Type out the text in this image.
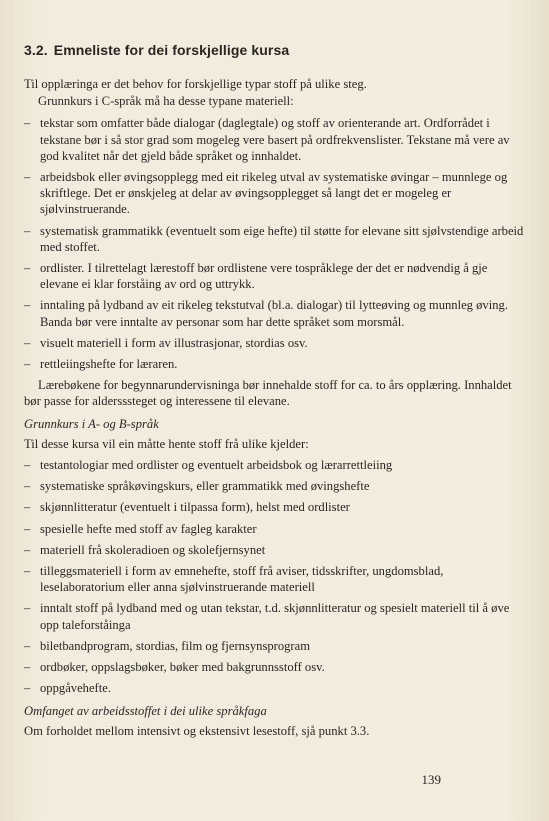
3.2. Emneliste for dei forskjellige kursa

Til opplæringa er det behov for forskjellige typar stoff på ulike steg.

Grunnkurs i C-språk må ha desse typane materiell:

– tekstar som omfatter både dialogar (daglegtale) og stoff av orienterande art. Ordforrådet i tekstane bør i så stor grad som mogeleg vere basert på ordfrekvenslister. Tekstane må vere av god kvalitet når det gjeld både språket og innhaldet.
– arbeidsbok eller øvingsopplegg med eit rikeleg utval av systematiske øvingar – munnlege og skriftlege. Det er ønskjeleg at delar av øvingsopplegget så langt det er mogeleg er sjølvinstruerande.
– systematisk grammatikk (eventuelt som eige hefte) til støtte for elevane sitt sjølvstendige arbeid med stoffet.
– ordlister. I tilrettelagt lærestoff bør ordlistene vere tospråklege der det er nødvendig å gje elevane ei klar forståing av ord og uttrykk.
– inntaling på lydband av eit rikeleg tekstutval (bl.a. dialogar) til lytteøving og munnleg øving. Banda bør vere inntalte av personar som har dette språket som morsmål.
– visuelt materiell i form av illustrasjonar, stordias osv.
– rettleiingshefte for læraren.

Lærebøkene for begynnarundervisninga bør innehalde stoff for ca. to års opplæring. Innhaldet bør passe for aldersssteget og interessene til elevane.

Grunnkurs i A- og B-språk

Til desse kursa vil ein måtte hente stoff frå ulike kjelder:

– testantologiar med ordlister og eventuelt arbeidsbok og lærarrettleiing
– systematiske språkøvingskurs, eller grammatikk med øvingshefte
– skjønnlitteratur (eventuelt i tilpassa form), helst med ordlister
– spesielle hefte med stoff av fagleg karakter
– materiell frå skoleradioen og skolefjernsynet
– tilleggsmateriell i form av emnehefte, stoff frå aviser, tidsskrifter, ungdomsblad, leselaboratorium eller anna sjølvinstruerande materiell
– inntalt stoff på lydband med og utan tekstar, t.d. skjønnlitteratur og spesielt materiell til å øve opp taleforståinga
– biletbandprogram, stordias, film og fjernsynsprogram
– ordbøker, oppslagsbøker, bøker med bakgrunnsstoff osv.
– oppgåvehefte.

Omfanget av arbeidsstoffet i dei ulike språkfaga

Om forholdet mellom intensivt og ekstensivt lesestoff, sjå punkt 3.3.

139
